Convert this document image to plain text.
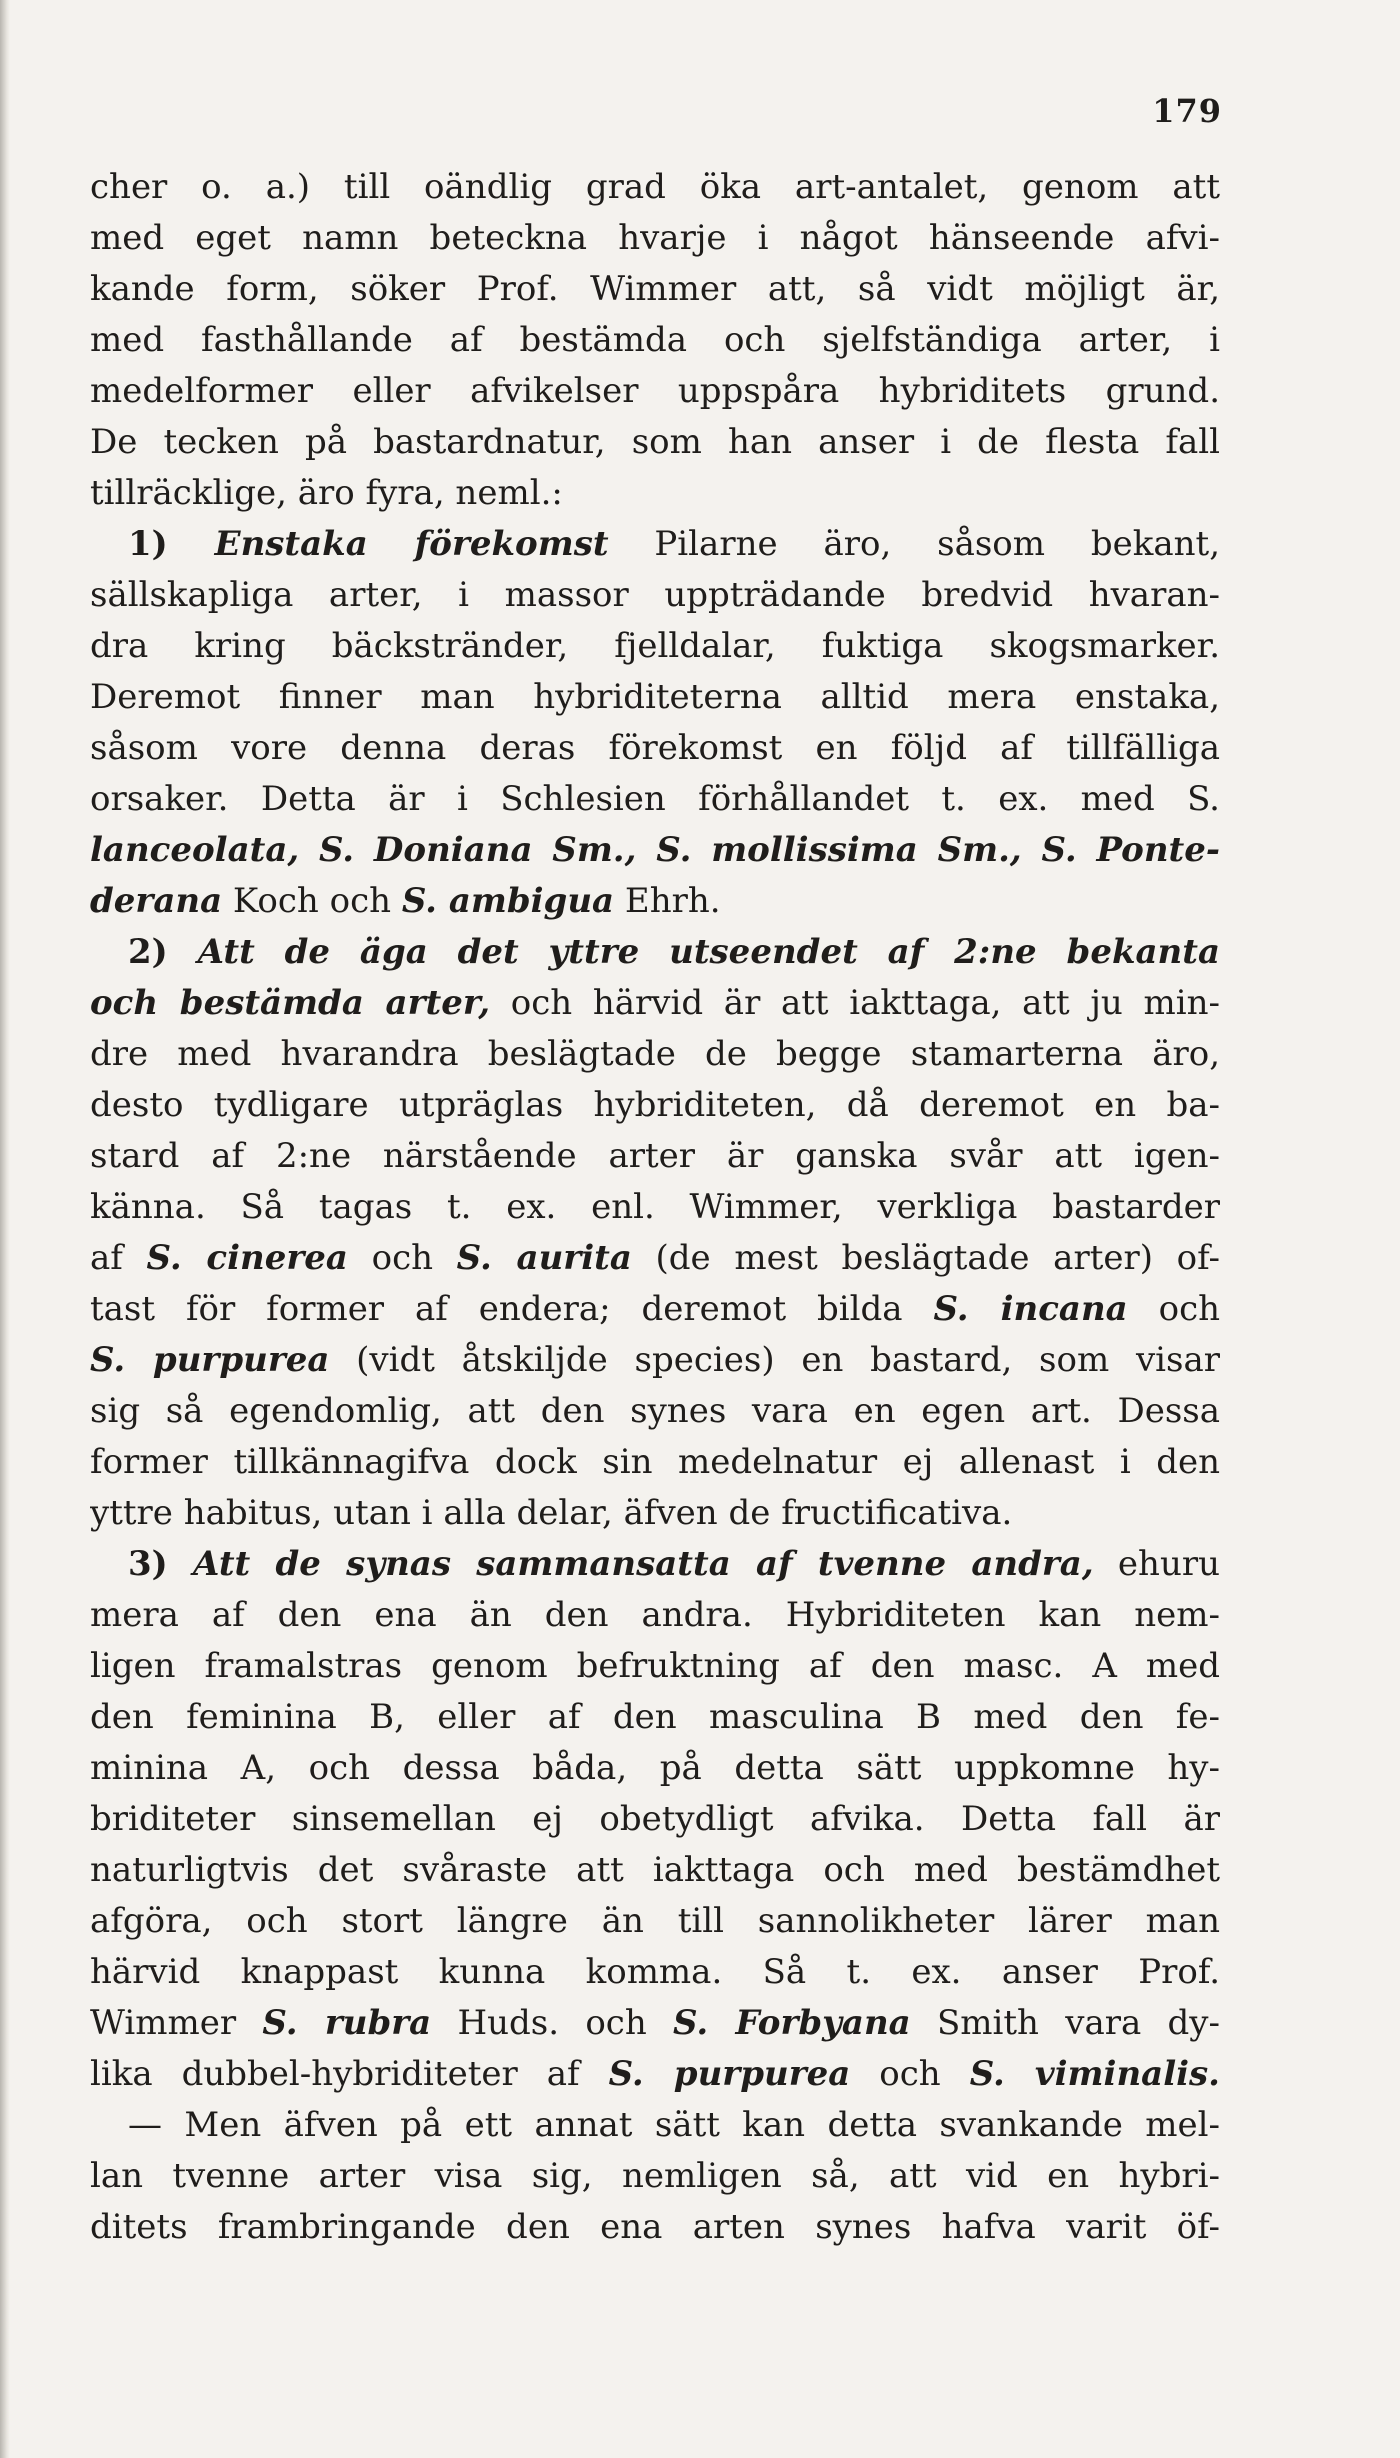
179
cher o. a.) till oändlig grad öka art-antalet, genom att
med eget namn beteckna hvarje i något hänseende afvi-
kande form, söker Prof. Wimmer att, så vidt möjligt är,
med fasthållande af bestämda och sjelfständiga arter, i
medelformer eller afvikelser uppspåra hybriditets grund.
De tecken på bastardnatur, som han anser i de flesta fall
tillräcklige, äro fyra, neml.:
1) Enstaka förekomst Pilarne äro, såsom bekant,
sällskapliga arter, i massor uppträdande bredvid hvaran-
dra kring bäckstränder, fjelldalar, fuktiga skogsmarker.
Deremot finner man hybriditeterna alltid mera enstaka,
såsom vore denna deras förekomst en följd af tillfälliga
orsaker. Detta är i Schlesien förhållandet t. ex. med S.
lanceolata, S. Doniana Sm., S. mollissima Sm., S. Ponte-
derana Koch och S. ambigua Ehrh.
2) Att de äga det yttre utseendet af 2:ne bekanta
och bestämda arter, och härvid är att iakttaga, att ju min-
dre med hvarandra beslägtade de begge stamarterna äro,
desto tydligare utpräglas hybriditeten, då deremot en ba-
stard af 2:ne närstående arter är ganska svår att igen-
känna. Så tagas t. ex. enl. Wimmer, verkliga bastarder
af S. cinerea och S. aurita (de mest beslägtade arter) of-
tast för former af endera; deremot bilda S. incana och
S. purpurea (vidt åtskiljde species) en bastard, som visar
sig så egendomlig, att den synes vara en egen art. Dessa
former tillkännagifva dock sin medelnatur ej allenast i den
yttre habitus, utan i alla delar, äfven de fructificativa.
3) Att de synas sammansatta af tvenne andra, ehuru
mera af den ena än den andra. Hybriditeten kan nem-
ligen framalstras genom befruktning af den masc. A med
den feminina B, eller af den masculina B med den fe-
minina A, och dessa båda, på detta sätt uppkomne hy-
briditeter sinsemellan ej obetydligt afvika. Detta fall är
naturligtvis det svåraste att iakttaga och med bestämdhet
afgöra, och stort längre än till sannolikheter lärer man
härvid knappast kunna komma. Så t. ex. anser Prof.
Wimmer S. rubra Huds. och S. Forbyana Smith vara dy-
lika dubbel-hybriditeter af S. purpurea och S. viminalis.
— Men äfven på ett annat sätt kan detta svankande mel-
lan tvenne arter visa sig, nemligen så, att vid en hybri-
ditets frambringande den ena arten synes hafva varit öf-
